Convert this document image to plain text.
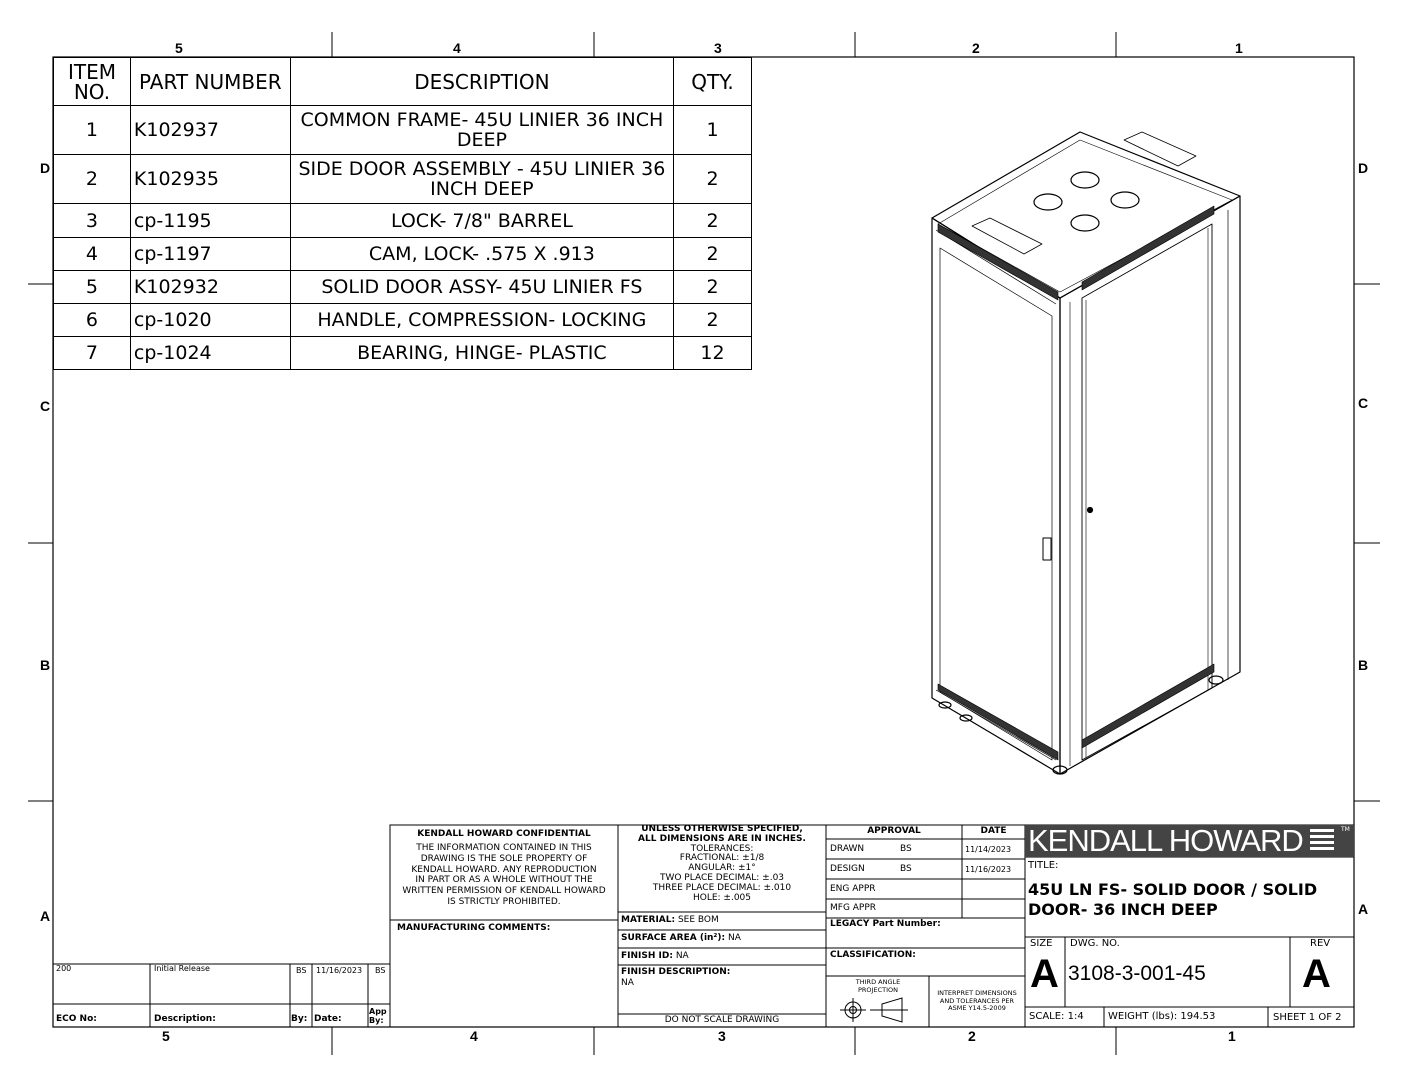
5	4	3	2	1
5	4	3	2	1
D
C
B
A
D
C
B
A
ITEM NO.	PART NUMBER	DESCRIPTION	QTY.
1	K102937	COMMON FRAME- 45U LINIER 36 INCH DEEP	1
2	K102935	SIDE DOOR ASSEMBLY - 45U LINIER 36 INCH DEEP	2
3	cp-1195	LOCK- 7/8" BARREL	2
4	cp-1197	CAM, LOCK- .575 X .913	2
5	K102932	SOLID DOOR ASSY- 45U LINIER FS	2
6	cp-1020	HANDLE, COMPRESSION- LOCKING	2
7	cp-1024	BEARING, HINGE- PLASTIC	12
KENDALL HOWARD CONFIDENTIAL
THE INFORMATION CONTAINED IN THIS
DRAWING IS THE SOLE PROPERTY OF
KENDALL HOWARD. ANY REPRODUCTION
IN PART OR AS A WHOLE WITHOUT THE
WRITTEN PERMISSION OF KENDALL HOWARD
IS STRICTLY PROHIBITED.
MANUFACTURING COMMENTS:
UNLESS OTHERWISE SPECIFIED,
ALL DIMENSIONS ARE IN INCHES.
TOLERANCES:
FRACTIONAL: ±1/8
ANGULAR: ±1°
TWO PLACE DECIMAL: ±.03
THREE PLACE DECIMAL: ±.010
HOLE: ±.005
MATERIAL: SEE BOM
SURFACE AREA (in²): NA
FINISH ID: NA
FINISH DESCRIPTION:
NA
DO NOT SCALE DRAWING
APPROVAL	DATE
DRAWN	BS	11/14/2023
DESIGN	BS	11/16/2023
ENG APPR
MFG APPR
LEGACY Part Number:
CLASSIFICATION:
THIRD ANGLE PROJECTION	INTERPRET DIMENSIONS AND TOLERANCES PER ASME Y14.5-2009
KENDALL HOWARD	TM
TITLE:
45U LN FS- SOLID DOOR / SOLID DOOR- 36 INCH DEEP
SIZE
A
DWG. NO.
3108-3-001-45
REV
A
SCALE: 1:4 WEIGHT (lbs): 194.53	SHEET 1 OF 2
200	Initial Release	BS 11/16/2023 BS
ECO No:	Description:	By: Date:
App By:
